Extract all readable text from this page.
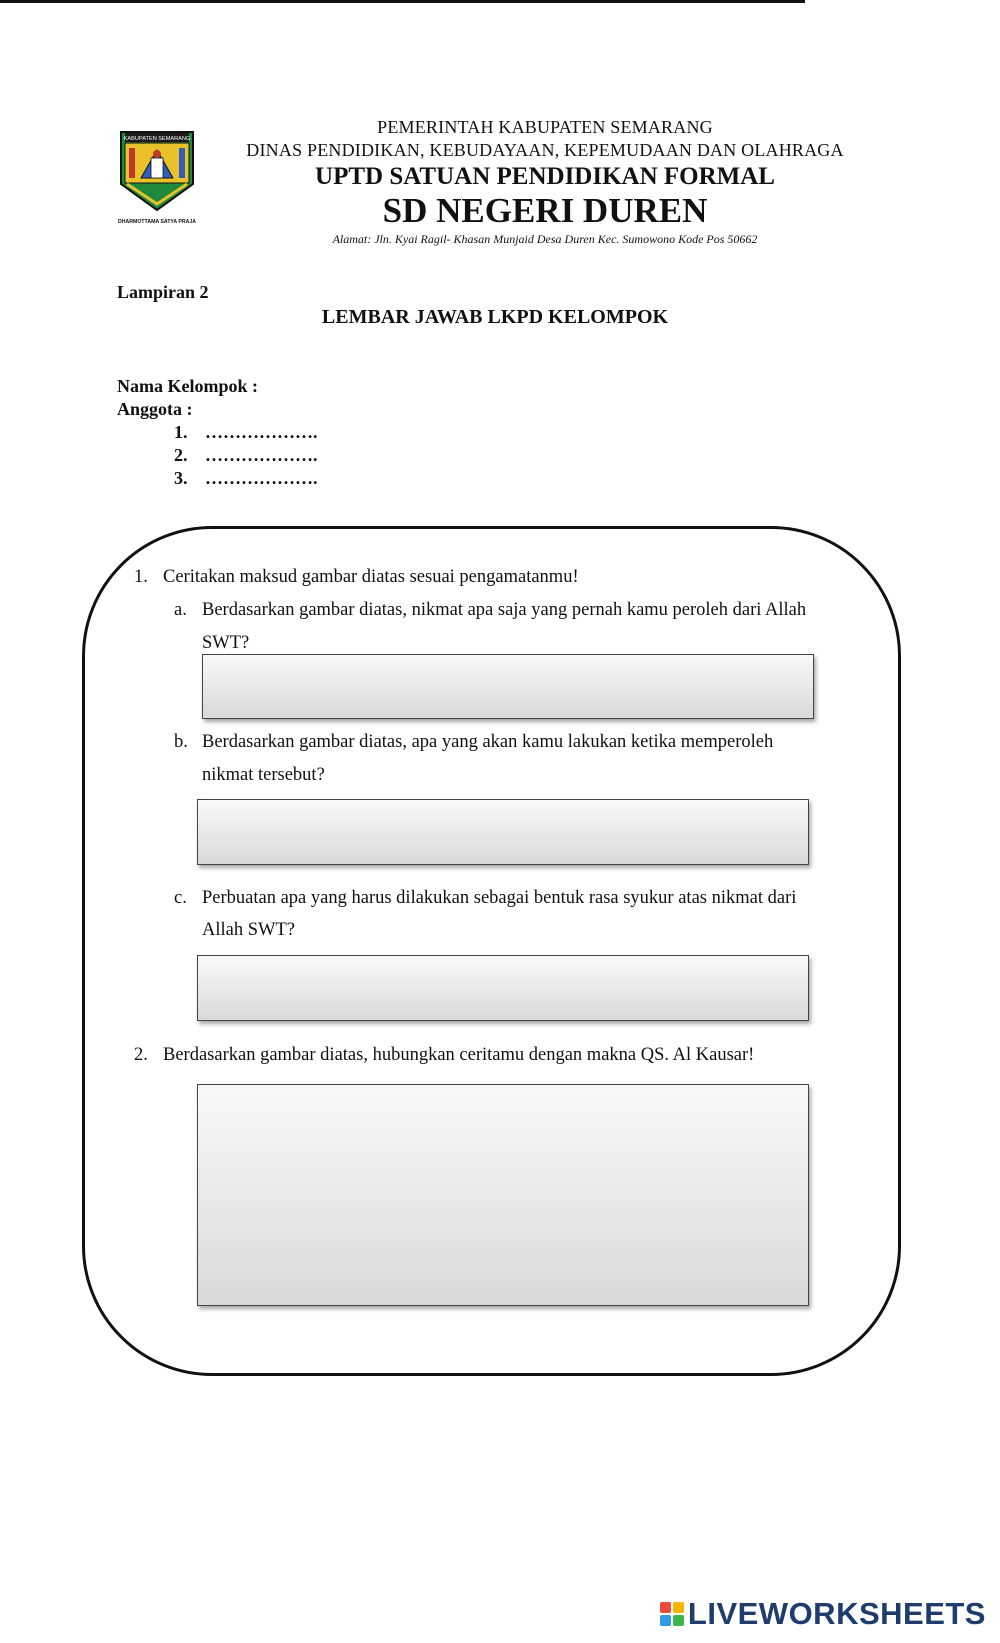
KABUPATEN SEMARANG
DHARMOTTAMA SATYA PRAJA
PEMERINTAH KABUPATEN SEMARANG
DINAS PENDIDIKAN, KEBUDAYAAN, KEPEMUDAAN DAN OLAHRAGA
UPTD SATUAN PENDIDIKAN FORMAL
SD NEGERI DUREN
Alamat: Jln. Kyai Ragil- Khasan Munjaid Desa Duren Kec. Sumowono Kode Pos 50662
Lampiran 2
LEMBAR JAWAB LKPD KELOMPOK
Nama Kelompok :
Anggota :
1. ……………….
2. ……………….
3. ……………….
1. Ceritakan maksud gambar diatas sesuai pengamatanmu!
a. Berdasarkan gambar diatas, nikmat apa saja yang pernah kamu peroleh dari Allah
SWT?
b. Berdasarkan gambar diatas, apa yang akan kamu lakukan ketika memperoleh
nikmat tersebut?
c. Perbuatan apa yang harus dilakukan sebagai bentuk rasa syukur atas nikmat dari
Allah SWT?
2. Berdasarkan gambar diatas, hubungkan ceritamu dengan makna QS. Al Kausar!
LIVEWORKSHEETS
